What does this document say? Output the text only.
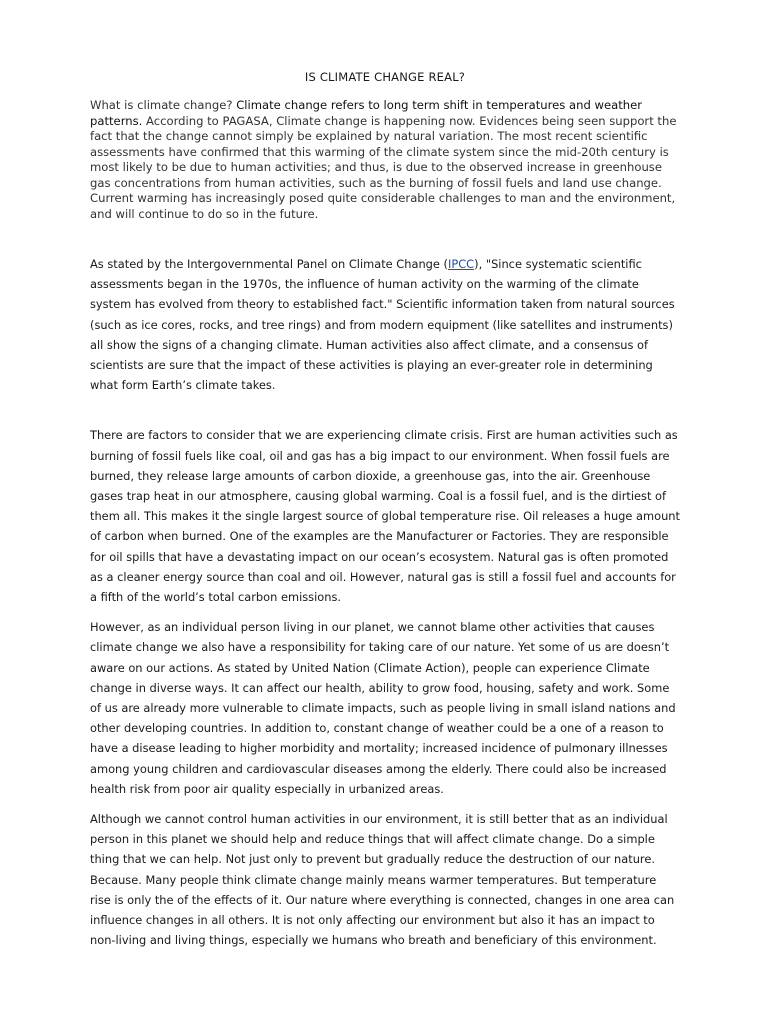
IS CLIMATE CHANGE REAL?

What is climate change? Climate change refers to long term shift in temperatures and weather patterns. According to PAGASA, Climate change is happening now. Evidences being seen support the fact that the change cannot simply be explained by natural variation. The most recent scientific assessments have confirmed that this warming of the climate system since the mid-20th century is most likely to be due to human activities; and thus, is due to the observed increase in greenhouse gas concentrations from human activities, such as the burning of fossil fuels and land use change. Current warming has increasingly posed quite considerable challenges to man and the environment, and will continue to do so in the future.

As stated by the Intergovernmental Panel on Climate Change (IPCC), "Since systematic scientific assessments began in the 1970s, the influence of human activity on the warming of the climate system has evolved from theory to established fact." Scientific information taken from natural sources (such as ice cores, rocks, and tree rings) and from modern equipment (like satellites and instruments) all show the signs of a changing climate. Human activities also affect climate, and a consensus of scientists are sure that the impact of these activities is playing an ever-greater role in determining what form Earth’s climate takes.

There are factors to consider that we are experiencing climate crisis. First are human activities such as burning of fossil fuels like coal, oil and gas has a big impact to our environment. When fossil fuels are burned, they release large amounts of carbon dioxide, a greenhouse gas, into the air. Greenhouse gases trap heat in our atmosphere, causing global warming. Coal is a fossil fuel, and is the dirtiest of them all. This makes it the single largest source of global temperature rise. Oil releases a huge amount of carbon when burned. One of the examples are the Manufacturer or Factories. They are responsible for oil spills that have a devastating impact on our ocean’s ecosystem. Natural gas is often promoted as a cleaner energy source than coal and oil. However, natural gas is still a fossil fuel and accounts for a fifth of the world’s total carbon emissions.

However, as an individual person living in our planet, we cannot blame other activities that causes climate change we also have a responsibility for taking care of our nature. Yet some of us are doesn’t aware on our actions. As stated by United Nation (Climate Action), people can experience Climate change in diverse ways. It can affect our health, ability to grow food, housing, safety and work. Some of us are already more vulnerable to climate impacts, such as people living in small island nations and other developing countries. In addition to, constant change of weather could be a one of a reason to have a disease leading to higher morbidity and mortality; increased incidence of pulmonary illnesses among young children and cardiovascular diseases among the elderly. There could also be increased health risk from poor air quality especially in urbanized areas.

Although we cannot control human activities in our environment, it is still better that as an individual person in this planet we should help and reduce things that will affect climate change. Do a simple thing that we can help. Not just only to prevent but gradually reduce the destruction of our nature. Because. Many people think climate change mainly means warmer temperatures. But temperature rise is only the of the effects of it. Our nature where everything is connected, changes in one area can influence changes in all others. It is not only affecting our environment but also it has an impact to non-living and living things, especially we humans who breath and beneficiary of this environment.
